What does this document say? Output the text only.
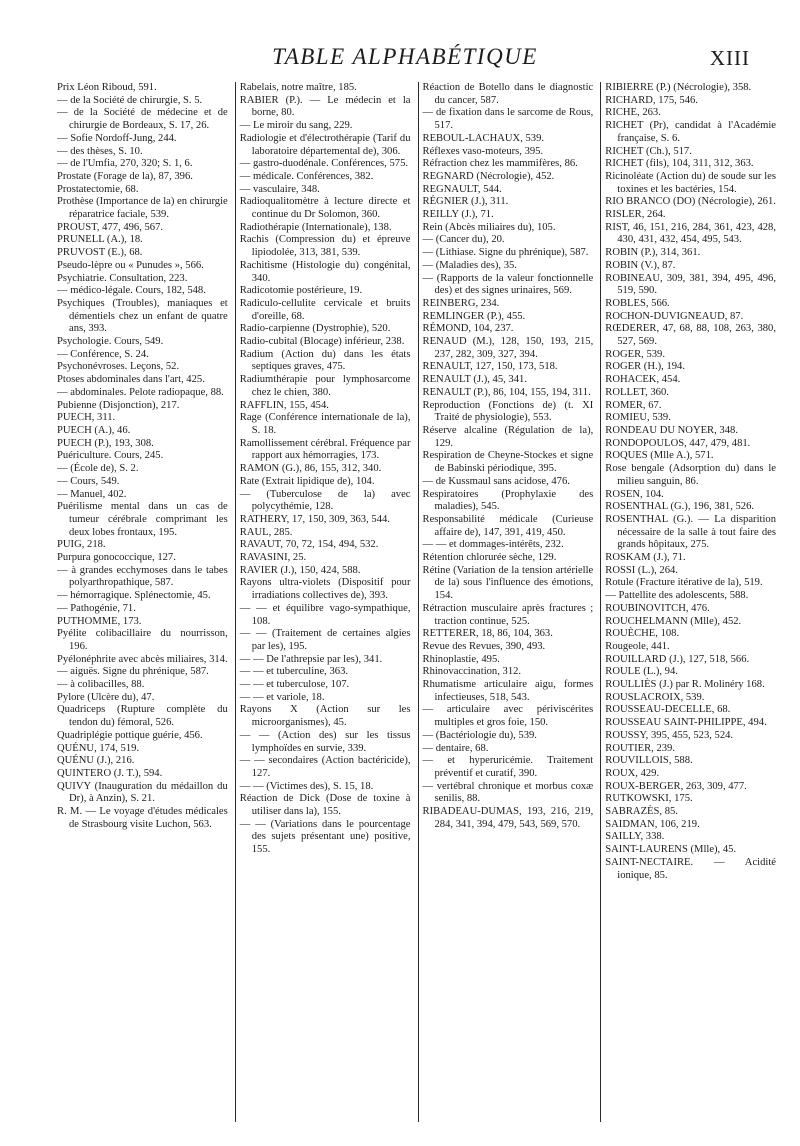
TABLE ALPHABÉTIQUE	XIII

Prix Léon Riboud, 591.

— de la Société de chirurgie, S. 5.

— de la Société de médecine et de chirurgie de Bordeaux, S. 17, 26.

— Sofie Nordoff-Jung, 244.

— des thèses, S. 10.

— de l'Umfia, 270, 320; S. 1, 6.

Prostate (Forage de la), 87, 396.

Prostatectomie, 68.

Prothèse (Importance de la) en chirurgie réparatrice faciale, 539.

PROUST, 477, 496, 567.

PRUNELL (A.), 18.

PRUVOST (E.), 68.

Pseudo-lèpre ou « Punudes », 566.

Psychiatrie. Consultation, 223.

— médico-légale. Cours, 182, 548.

Psychiques (Troubles), maniaques et démentiels chez un enfant de quatre ans, 393.

Psychologie. Cours, 549.

— Conférence, S. 24.

Psychonévroses. Leçons, 52.

Ptoses abdominales dans l'art, 425.

— abdominales. Pelote radiopaque, 88.

Pubienne (Disjonction), 217.

PUECH, 311.

PUECH (A.), 46.

PUECH (P.), 193, 308.

Puériculture. Cours, 245.

— (École de), S. 2.

— Cours, 549.

— Manuel, 402.

Puérilisme mental dans un cas de tumeur cérébrale comprimant les deux lobes frontaux, 195.

PUIG, 218.

Purpura gonococcique, 127.

— à grandes ecchymoses dans le tabes polyarthropathique, 587.

— hémorragique. Splénectomie, 45.

— Pathogénie, 71.

PUTHOMME, 173.

Pyélite colibacillaire du nourrisson, 196.

Pyélonéphrite avec abcès miliaires, 314.

— aiguës. Signe du phrénique, 587.

— à colibacilles, 88.

Pylore (Ulcère du), 47.

Quadriceps (Rupture complète du tendon du) fémoral, 526.

Quadriplégie pottique guérie, 456.

QUÉNU, 174, 519.

QUÉNU (J.), 216.

QUINTERO (J. T.), 594.

QUIVY (Inauguration du médaillon du Dr), à Anzin), S. 21.

R. M. — Le voyage d'études médicales de Strasbourg visite Luchon, 563.

Rabelais, notre maître, 185.

RABIER (P.). — Le médecin et la borne, 80.

— Le miroir du sang, 229.

Radiologie et d'électrothérapie (Tarif du laboratoire départemental de), 306.

— gastro-duodénale. Conférences, 575.

— médicale. Conférences, 382.

— vasculaire, 348.

Radioqualitomètre à lecture directe et continue du Dr Solomon, 360.

Radiothérapie (Internationale), 138.

Rachis (Compression du) et épreuve lipiodolée, 313, 381, 539.

Rachitisme (Histologie du) congénital, 340.

Radicotomie postérieure, 19.

Radiculo-cellulite cervicale et bruits d'oreille, 68.

Radio-carpienne (Dystrophie), 520.

Radio-cubital (Blocage) inférieur, 238.

Radium (Action du) dans les états septiques graves, 475.

Radiumthérapie pour lymphosarcome chez le chien, 380.

RAFFLIN, 155, 454.

Rage (Conférence internationale de la), S. 18.

Ramollissement cérébral. Fréquence par rapport aux hémorragies, 173.

RAMON (G.), 86, 155, 312, 340.

Rate (Extrait lipidique de), 104.

— (Tuberculose de la) avec polycythémie, 128.

RATHERY, 17, 150, 309, 363, 544.

RAUL, 285.

RAVAUT, 70, 72, 154, 494, 532.

RAVASINI, 25.

RAVIER (J.), 150, 424, 588.

Rayons ultra-violets (Dispositif pour irradiations collectives de), 393.

— — et équilibre vago-sympathique, 108.

— — (Traitement de certaines algies par les), 195.

— — De l'athrepsie par les), 341.

— — et tuberculine, 363.

— — et tuberculose, 107.

— — et variole, 18.

Rayons X (Action sur les microorganismes), 45.

— — (Action des) sur les tissus lymphoïdes en survie, 339.

— — secondaires (Action bactéricide), 127.

— — (Victimes des), S. 15, 18.

Réaction de Dick (Dose de toxine à utiliser dans la), 155.

— — (Variations dans le pourcentage des sujets présentant une) positive, 155.

Réaction de Botello dans le diagnostic du cancer, 587.

— de fixation dans le sarcome de Rous, 517.

REBOUL-LACHAUX, 539.

Réflexes vaso-moteurs, 395.

Réfraction chez les mammifères, 86.

REGNARD (Nécrologie), 452.

REGNAULT, 544.

RÉGNIER (J.), 311.

REILLY (J.), 71.

Rein (Abcès miliaires du), 105.

— (Cancer du), 20.

— (Lithiase. Signe du phrénique), 587.

— (Maladies des), 35.

— (Rapports de la valeur fonctionnelle des) et des signes urinaires, 569.

REINBERG, 234.

REMLINGER (P.), 455.

RÉMOND, 104, 237.

RENAUD (M.), 128, 150, 193, 215, 237, 282, 309, 327, 394.

RENAULT, 127, 150, 173, 518.

RENAULT (J.), 45, 341.

RENAULT (P.), 86, 104, 155, 194, 311.

Reproduction (Fonctions de) (t. XI Traité de physiologie), 553.

Réserve alcaline (Régulation de la), 129.

Respiration de Cheyne-Stockes et signe de Babinski périodique, 395.

— de Kussmaul sans acidose, 476.

Respiratoires (Prophylaxie des maladies), 545.

Responsabilité médicale (Curieuse affaire de), 147, 391, 419, 450.

— — et dommages-intérêts, 232.

Rétention chlorurée sèche, 129.

Rétine (Variation de la tension artérielle de la) sous l'influence des émotions, 154.

Rétraction musculaire après fractures ; traction continue, 525.

RETTERER, 18, 86, 104, 363.

Revue des Revues, 390, 493.

Rhinoplastie, 495.

Rhinovaccination, 312.

Rhumatisme articulaire aigu, formes infectieuses, 518, 543.

— articulaire avec périviscérites multiples et gros foie, 150.

— (Bactériologie du), 539.

— dentaire, 68.

— et hyperuricémie. Traitement préventif et curatif, 390.

— vertébral chronique et morbus coxæ senilis, 88.

RIBADEAU-DUMAS, 193, 216, 219, 284, 341, 394, 479, 543, 569, 570.

RIBIERRE (P.) (Nécrologie), 358.

RICHARD, 175, 546.

RICHE, 263.

RICHET (Pr), candidat à l'Académie française, S. 6.

RICHET (Ch.), 517.

RICHET (fils), 104, 311, 312, 363.

Ricinoléate (Action du) de soude sur les toxines et les bactéries, 154.

RIO BRANCO (DO) (Nécrologie), 261.

RISLER, 264.

RIST, 46, 151, 216, 284, 361, 423, 428, 430, 431, 432, 454, 495, 543.

ROBIN (P.), 314, 361.

ROBIN (V.), 87.

ROBINEAU, 309, 381, 394, 495, 496, 519, 590.

ROBLES, 566.

ROCHON-DUVIGNEAUD, 87.

RŒDERER, 47, 68, 88, 108, 263, 380, 527, 569.

ROGER, 539.

ROGER (H.), 194.

ROHACEK, 454.

ROLLET, 360.

ROMER, 67.

ROMIEU, 539.

RONDEAU DU NOYER, 348.

RONDOPOULOS, 447, 479, 481.

ROQUES (Mlle A.), 571.

Rose bengale (Adsorption du) dans le milieu sanguin, 86.

ROSEN, 104.

ROSENTHAL (G.), 196, 381, 526.

ROSENTHAL (G.). — La disparition nécessaire de la salle à tout faire des grands hôpitaux, 275.

ROSKAM (J.), 71.

ROSSI (L.), 264.

Rotule (Fracture itérative de la), 519.

— Pattellite des adolescents, 588.

ROUBINOVITCH, 476.

ROUCHELMANN (Mlle), 452.

ROUÈCHE, 108.

Rougeole, 441.

ROUILLARD (J.), 127, 518, 566.

ROULE (L.), 94.

ROULLIÈS (J.) par R. Molinéry 168.

ROUSLACROIX, 539.

ROUSSEAU-DECELLE, 68.

ROUSSEAU SAINT-PHILIPPE, 494.

ROUSSY, 395, 455, 523, 524.

ROUTIER, 239.

ROUVILLOIS, 588.

ROUX, 429.

ROUX-BERGER, 263, 309, 477.

RUTKOWSKI, 175.

SABRAZÈS, 85.

SAIDMAN, 106, 219.

SAILLY, 338.

SAINT-LAURENS (Mlle), 45.

SAINT-NECTAIRE. — Acidité ionique, 85.
